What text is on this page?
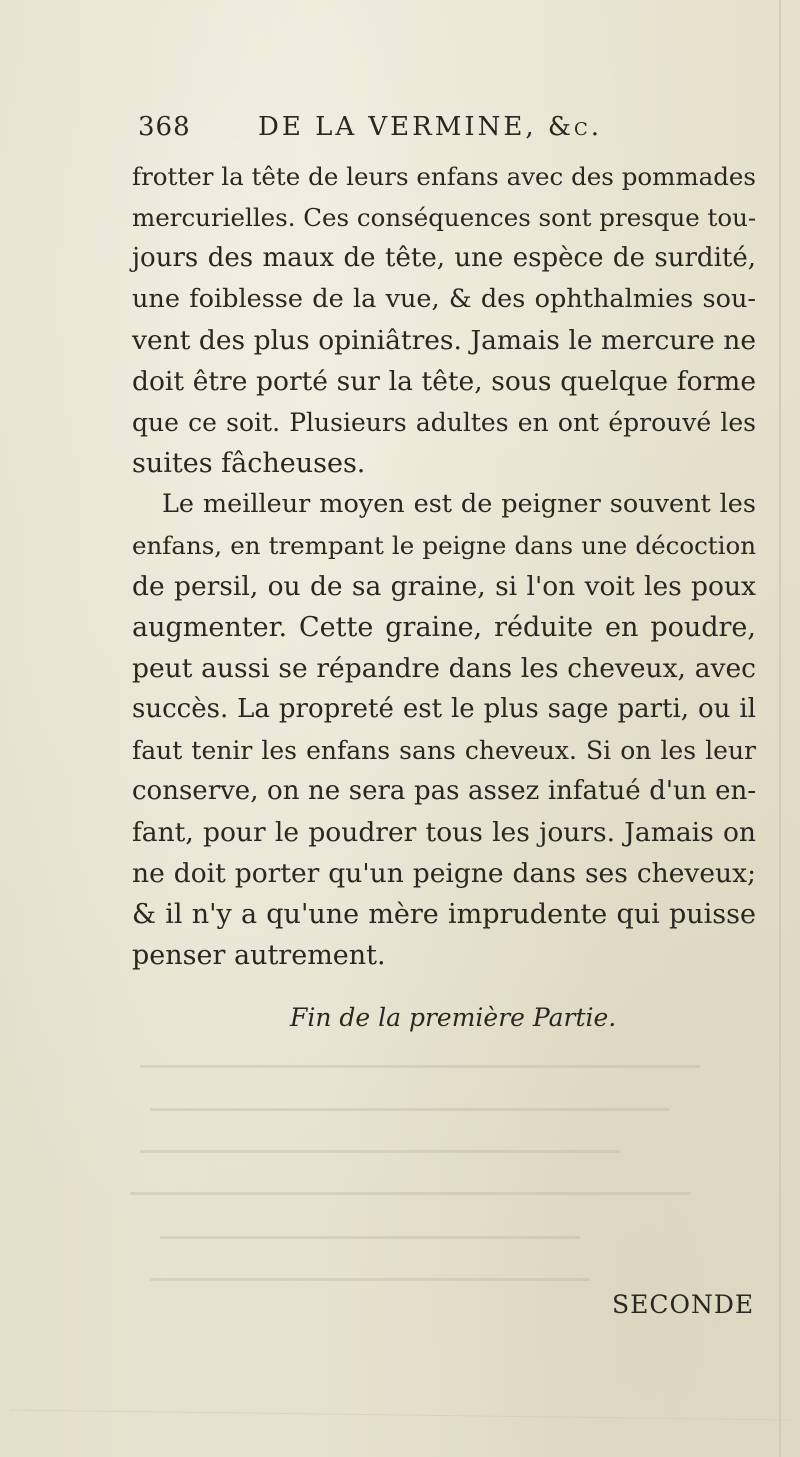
368	DE LA VERMINE, &c.
frotter la tête de leurs enfans avec des pommades
mercurielles. Ces conséquences sont presque tou-
jours des maux de tête, une espèce de surdité,
une foiblesse de la vue, & des ophthalmies sou-
vent des plus opiniâtres. Jamais le mercure ne
doit être porté sur la tête, sous quelque forme
que ce soit. Plusieurs adultes en ont éprouvé les
suites fâcheuses.
Le meilleur moyen est de peigner souvent les
enfans, en trempant le peigne dans une décoction
de persil, ou de sa graine, si l'on voit les poux
augmenter. Cette graine, réduite en poudre,
peut aussi se répandre dans les cheveux, avec
succès. La propreté est le plus sage parti, ou il
faut tenir les enfans sans cheveux. Si on les leur
conserve, on ne sera pas assez infatué d'un en-
fant, pour le poudrer tous les jours. Jamais on
ne doit porter qu'un peigne dans ses cheveux;
& il n'y a qu'une mère imprudente qui puisse
penser autrement.
Fin de la première Partie.
SECONDE
